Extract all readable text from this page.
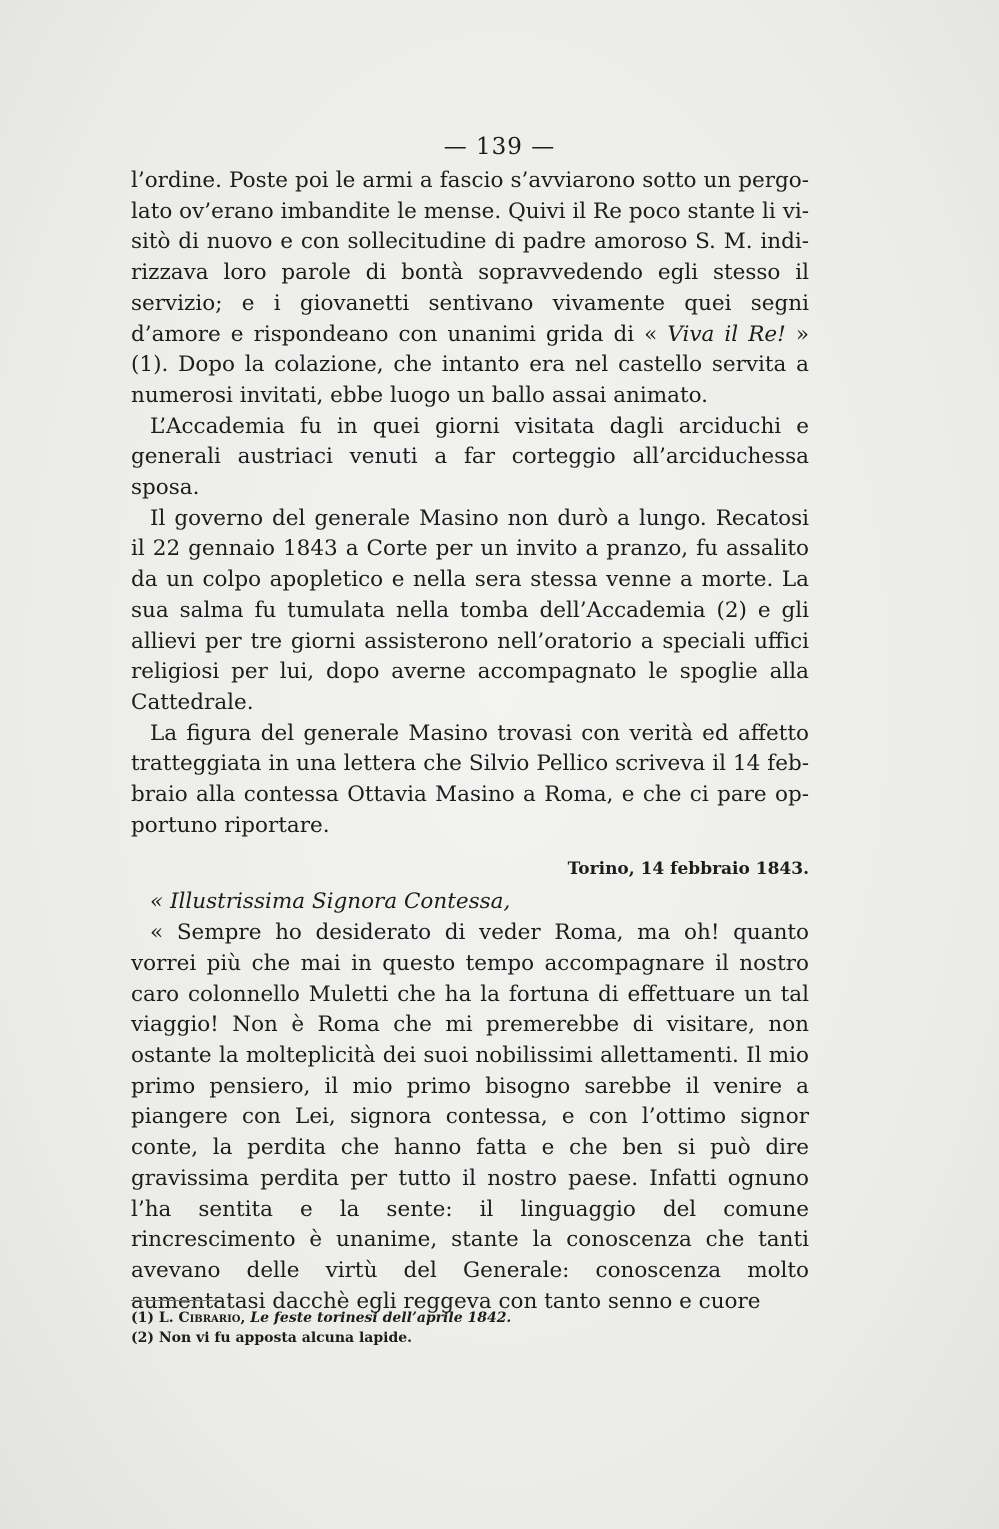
— 139 —

l’ordine. Poste poi le armi a fascio s’avviarono sotto un pergolato ov’erano imbandite le mense. Quivi il Re poco stante li visitò di nuovo e con sollecitudine di padre amoroso S. M. indirizzava loro parole di bontà sopravvedendo egli stesso il servizio; e i giovanetti sentivano vivamente quei segni d’amore e rispondeano con unanimi grida di « Viva il Re! » (1). Dopo la colazione, che intanto era nel castello servita a numerosi invitati, ebbe luogo un ballo assai animato.

L’Accademia fu in quei giorni visitata dagli arciduchi e generali austriaci venuti a far corteggio all’arciduchessa sposa.

Il governo del generale Masino non durò a lungo. Recatosi il 22 gennaio 1843 a Corte per un invito a pranzo, fu assalito da un colpo apopletico e nella sera stessa venne a morte. La sua salma fu tumulata nella tomba dell’Accademia (2) e gli allievi per tre giorni assisterono nell’oratorio a speciali uffici religiosi per lui, dopo averne accompagnato le spoglie alla Cattedrale.

La figura del generale Masino trovasi con verità ed affetto tratteggiata in una lettera che Silvio Pellico scriveva il 14 febbraio alla contessa Ottavia Masino a Roma, e che ci pare opportuno riportare.

Torino, 14 febbraio 1843.

« Illustrissima Signora Contessa,

« Sempre ho desiderato di veder Roma, ma oh! quanto vorrei più che mai in questo tempo accompagnare il nostro caro colonnello Muletti che ha la fortuna di effettuare un tal viaggio! Non è Roma che mi premerebbe di visitare, non ostante la molteplicità dei suoi nobilissimi allettamenti. Il mio primo pensiero, il mio primo bisogno sarebbe il venire a piangere con Lei, signora contessa, e con l’ottimo signor conte, la perdita che hanno fatta e che ben si può dire gravissima perdita per tutto il nostro paese. Infatti ognuno l’ha sentita e la sente: il linguaggio del comune rincrescimento è unanime, stante la conoscenza che tanti avevano delle virtù del Generale: conoscenza molto aumentatasi dacchè egli reggeva con tanto senno e cuore

(1) L. Cibrario, Le feste torinesi dell’aprile 1842.

(2) Non vi fu apposta alcuna lapide.
